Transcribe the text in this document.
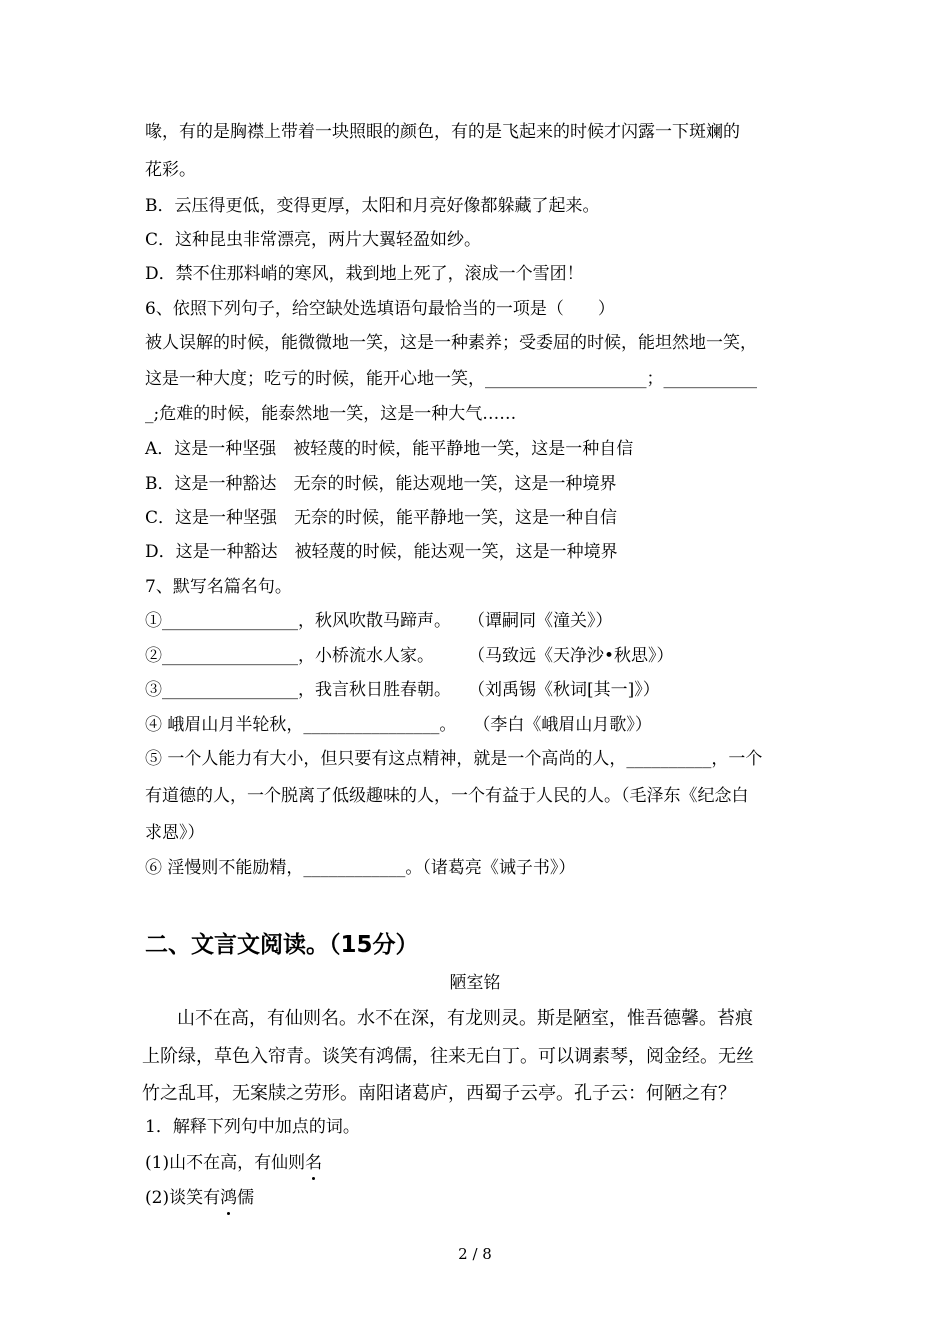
喙，有的是胸襟上带着一块照眼的颜色，有的是飞起来的时候才闪露一下斑斓的
花彩。
B．云压得更低，变得更厚，太阳和月亮好像都躲藏了起来。
C．这种昆虫非常漂亮，两片大翼轻盈如纱。
D．禁不住那料峭的寒风，栽到地上死了，滚成一个雪团！
6、依照下列句子，给空缺处选填语句最恰当的一项是（　　）
被人误解的时候，能微微地一笑，这是一种素养；受委屈的时候，能坦然地一笑，
这是一种大度；吃亏的时候，能开心地一笑，___________________；___________
_;危难的时候，能泰然地一笑，这是一种大气……
A．这是一种坚强　被轻蔑的时候，能平静地一笑，这是一种自信
B．这是一种豁达　无奈的时候，能达观地一笑，这是一种境界
C．这是一种坚强　无奈的时候，能平静地一笑，这是一种自信
D．这是一种豁达　被轻蔑的时候，能达观一笑，这是一种境界
7、默写名篇名句。
①________________，秋风吹散马蹄声。　　（谭嗣同《潼关》）
②________________，小桥流水人家。　　　（马致远《天净沙•秋思》）
③________________，我言秋日胜春朝。　　（刘禹锡《秋词[其一]》）
④ 峨眉山月半轮秋，________________。　　（李白《峨眉山月歌》）
⑤ 一个人能力有大小，但只要有这点精神，就是一个高尚的人，__________，一个
有道德的人，一个脱离了低级趣味的人，一个有益于人民的人。（毛泽东《纪念白
求恩》）
⑥ 淫慢则不能励精，____________。（诸葛亮《诫子书》）
二、文言文阅读。（15分）
陋室铭
山不在高，有仙则名。水不在深，有龙则灵。斯是陋室，惟吾德馨。苔痕
上阶绿，草色入帘青。谈笑有鸿儒，往来无白丁。可以调素琴，阅金经。无丝
竹之乱耳，无案牍之劳形。南阳诸葛庐，西蜀子云亭。孔子云：何陋之有？
1．解释下列句中加点的词。
(1)山不在高，有仙则名
(2)谈笑有鸿儒
2 / 8
